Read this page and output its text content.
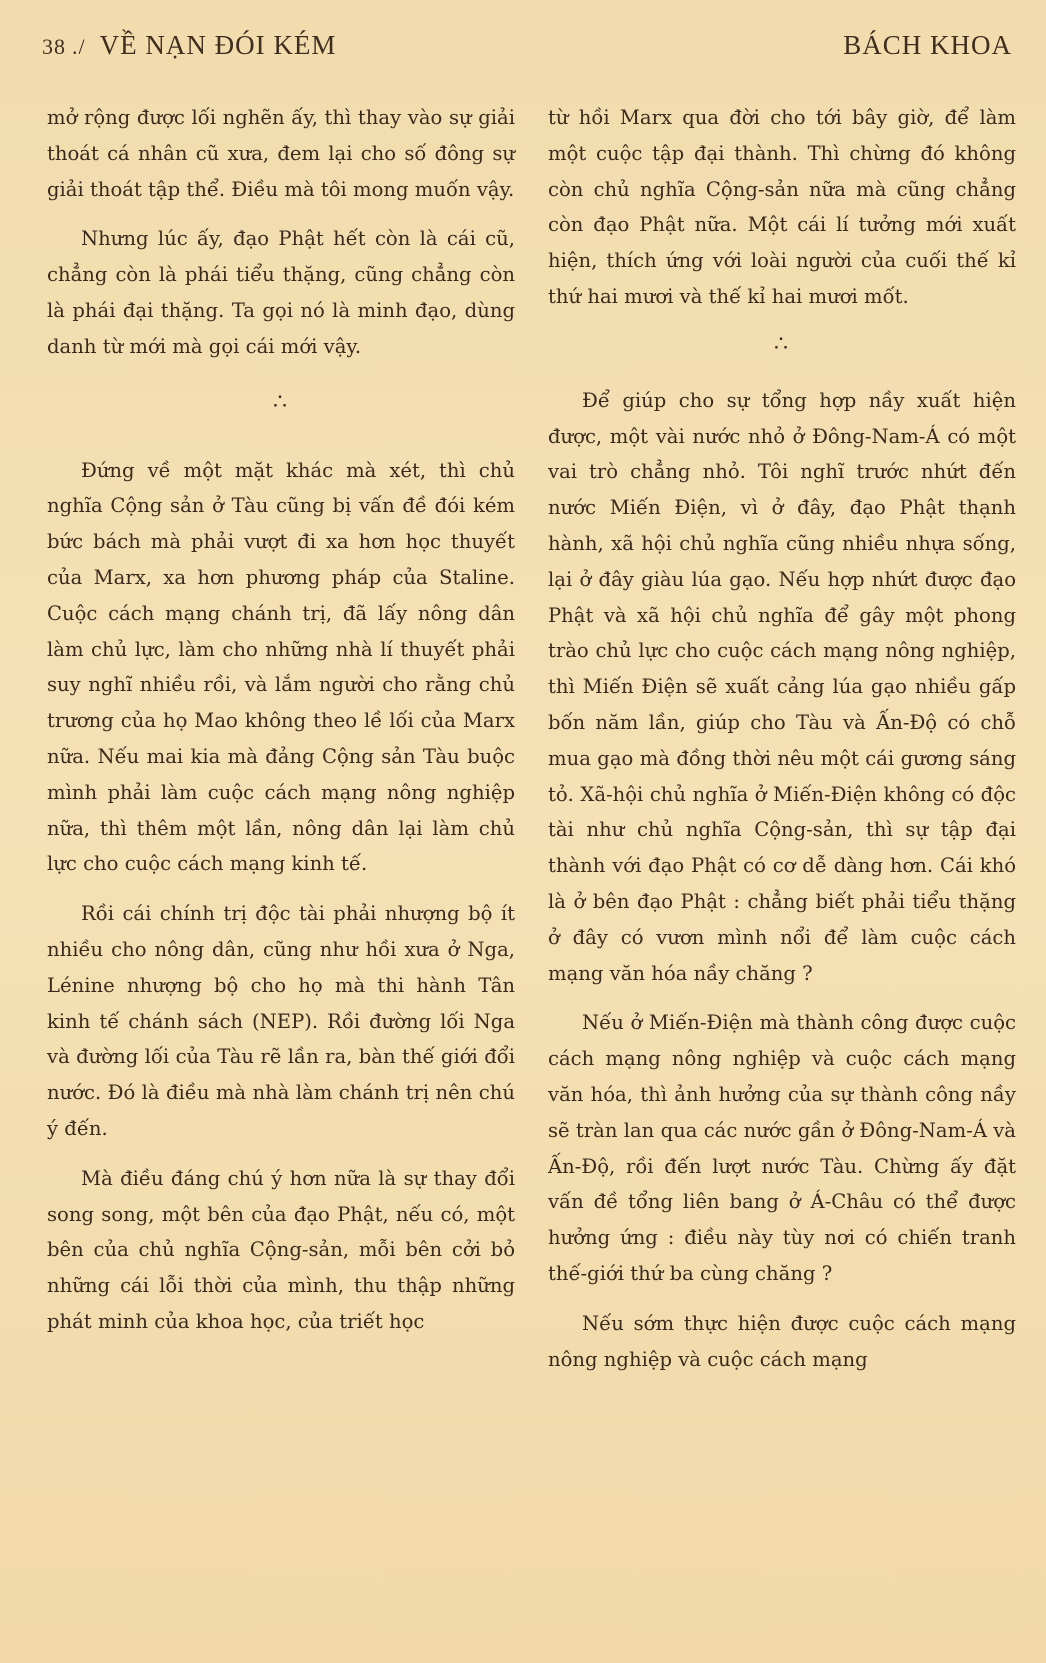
38 ./ VỀ NẠN ĐÓI KÉM	BÁCH KHOA

mở rộng được lối nghẽn ấy, thì thay vào sự giải thoát cá nhân cũ xưa, đem lại cho số đông sự giải thoát tập thể. Điều mà tôi mong muốn vậy.

Nhưng lúc ấy, đạo Phật hết còn là cái cũ, chẳng còn là phái tiểu thặng, cũng chẳng còn là phái đại thặng. Ta gọi nó là minh đạo, dùng danh từ mới mà gọi cái mới vậy.

∴

Đứng về một mặt khác mà xét, thì chủ nghĩa Cộng sản ở Tàu cũng bị vấn đề đói kém bức bách mà phải vượt đi xa hơn học thuyết của Marx, xa hơn phương pháp của Staline. Cuộc cách mạng chánh trị, đã lấy nông dân làm chủ lực, làm cho những nhà lí thuyết phải suy nghĩ nhiều rồi, và lắm người cho rằng chủ trương của họ Mao không theo lề lối của Marx nữa. Nếu mai kia mà đảng Cộng sản Tàu buộc mình phải làm cuộc cách mạng nông nghiệp nữa, thì thêm một lần, nông dân lại làm chủ lực cho cuộc cách mạng kinh tế.

Rồi cái chính trị độc tài phải nhượng bộ ít nhiều cho nông dân, cũng như hồi xưa ở Nga, Lénine nhượng bộ cho họ mà thi hành Tân kinh tế chánh sách (NEP). Rồi đường lối Nga và đường lối của Tàu rẽ lần ra, bàn thế giới đổi nước. Đó là điều mà nhà làm chánh trị nên chú ý đến.

Mà điều đáng chú ý hơn nữa là sự thay đổi song song, một bên của đạo Phật, nếu có, một bên của chủ nghĩa Cộng-sản, mỗi bên cởi bỏ những cái lỗi thời của mình, thu thập những phát minh của khoa học, của triết học

từ hồi Marx qua đời cho tới bây giờ, để làm một cuộc tập đại thành. Thì chừng đó không còn chủ nghĩa Cộng-sản nữa mà cũng chẳng còn đạo Phật nữa. Một cái lí tưởng mới xuất hiện, thích ứng với loài người của cuối thế kỉ thứ hai mươi và thế kỉ hai mươi mốt.

∴

Để giúp cho sự tổng hợp nầy xuất hiện được, một vài nước nhỏ ở Đông-Nam-Á có một vai trò chẳng nhỏ. Tôi nghĩ trước nhứt đến nước Miến Điện, vì ở đây, đạo Phật thạnh hành, xã hội chủ nghĩa cũng nhiều nhựa sống, lại ở đây giàu lúa gạo. Nếu hợp nhứt được đạo Phật và xã hội chủ nghĩa để gây một phong trào chủ lực cho cuộc cách mạng nông nghiệp, thì Miến Điện sẽ xuất cảng lúa gạo nhiều gấp bốn năm lần, giúp cho Tàu và Ấn-Độ có chỗ mua gạo mà đồng thời nêu một cái gương sáng tỏ. Xã-hội chủ nghĩa ở Miến-Điện không có độc tài như chủ nghĩa Cộng-sản, thì sự tập đại thành với đạo Phật có cơ dễ dàng hơn. Cái khó là ở bên đạo Phật : chẳng biết phải tiểu thặng ở đây có vươn mình nổi để làm cuộc cách mạng văn hóa nầy chăng ?

Nếu ở Miến-Điện mà thành công được cuộc cách mạng nông nghiệp và cuộc cách mạng văn hóa, thì ảnh hưởng của sự thành công nầy sẽ tràn lan qua các nước gần ở Đông-Nam-Á và Ấn-Độ, rồi đến lượt nước Tàu. Chừng ấy đặt vấn đề tổng liên bang ở Á-Châu có thể được hưởng ứng : điều này tùy nơi có chiến tranh thế-giới thứ ba cùng chăng ?

Nếu sớm thực hiện được cuộc cách mạng nông nghiệp và cuộc cách mạng
